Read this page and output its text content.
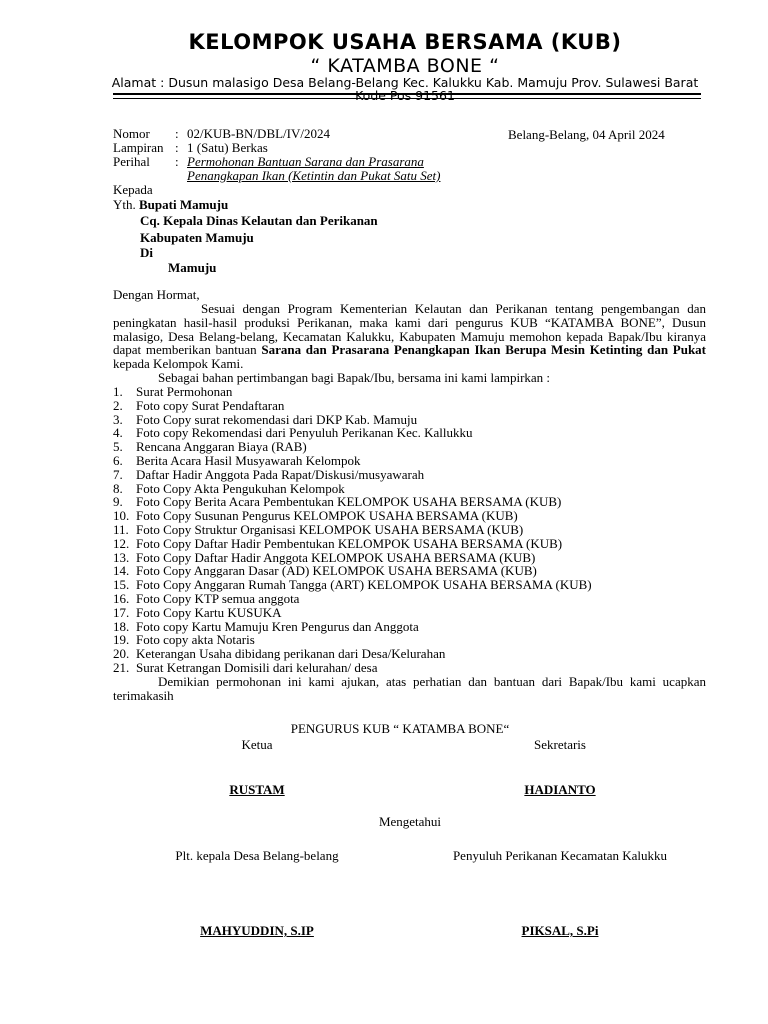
KELOMPOK USAHA BERSAMA (KUB)
“ KATAMBA BONE “
Alamat : Dusun malasigo Desa Belang-Belang Kec. Kalukku Kab. Mamuju Prov. Sulawesi Barat Kode Pos 91561
Nomor : 02/KUB-BN/DBL/IV/2024	Belang-Belang, 04 April 2024
Lampiran : 1 (Satu) Berkas
Perihal : Permohonan Bantuan Sarana dan Prasarana
Penangkapan Ikan (Ketintin dan Pukat Satu Set)
Kepada
Yth. Bupati Mamuju
Cq. Kepala Dinas Kelautan dan Perikanan
Kabupaten Mamuju
Di
Mamuju
Dengan Hormat,
Sesuai dengan Program Kementerian Kelautan dan Perikanan tentang pengembangan dan peningkatan hasil-hasil produksi Perikanan, maka kami dari pengurus KUB “KATAMBA BONE”, Dusun malasigo, Desa Belang-belang, Kecamatan Kalukku, Kabupaten Mamuju memohon kepada Bapak/Ibu kiranya dapat memberikan bantuan Sarana dan Prasarana Penangkapan Ikan Berupa Mesin Ketinting dan Pukat kepada Kelompok Kami.
Sebagai bahan pertimbangan bagi Bapak/Ibu, bersama ini kami lampirkan :
1. Surat Permohonan
2. Foto copy Surat Pendaftaran
3. Foto Copy surat rekomendasi dari DKP Kab. Mamuju
4. Foto copy Rekomendasi dari Penyuluh Perikanan Kec. Kallukku
5. Rencana Anggaran Biaya (RAB)
6. Berita Acara Hasil Musyawarah Kelompok
7. Daftar Hadir Anggota Pada Rapat/Diskusi/musyawarah
8. Foto Copy Akta Pengukuhan Kelompok
9. Foto Copy Berita Acara Pembentukan KELOMPOK USAHA BERSAMA (KUB)
10. Foto Copy Susunan Pengurus KELOMPOK USAHA BERSAMA (KUB)
11. Foto Copy Struktur Organisasi KELOMPOK USAHA BERSAMA (KUB)
12. Foto Copy Daftar Hadir Pembentukan KELOMPOK USAHA BERSAMA (KUB)
13. Foto Copy Daftar Hadir Anggota KELOMPOK USAHA BERSAMA (KUB)
14. Foto Copy Anggaran Dasar (AD) KELOMPOK USAHA BERSAMA (KUB)
15. Foto Copy Anggaran Rumah Tangga (ART) KELOMPOK USAHA BERSAMA (KUB)
16. Foto Copy KTP semua anggota
17. Foto Copy Kartu KUSUKA
18. Foto copy Kartu Mamuju Kren Pengurus dan Anggota
19. Foto copy akta Notaris
20. Keterangan Usaha dibidang perikanan dari Desa/Kelurahan
21. Surat Ketrangan Domisili dari kelurahan/ desa
Demikian permohonan ini kami ajukan, atas perhatian dan bantuan dari Bapak/Ibu kami ucapkan terimakasih
PENGURUS KUB “ KATAMBA BONE“
Ketua	Sekretaris
RUSTAM	HADIANTO
Mengetahui
Plt. kepala Desa Belang-belang	Penyuluh Perikanan Kecamatan Kalukku
MAHYUDDIN, S.IP	PIKSAL, S.Pi
